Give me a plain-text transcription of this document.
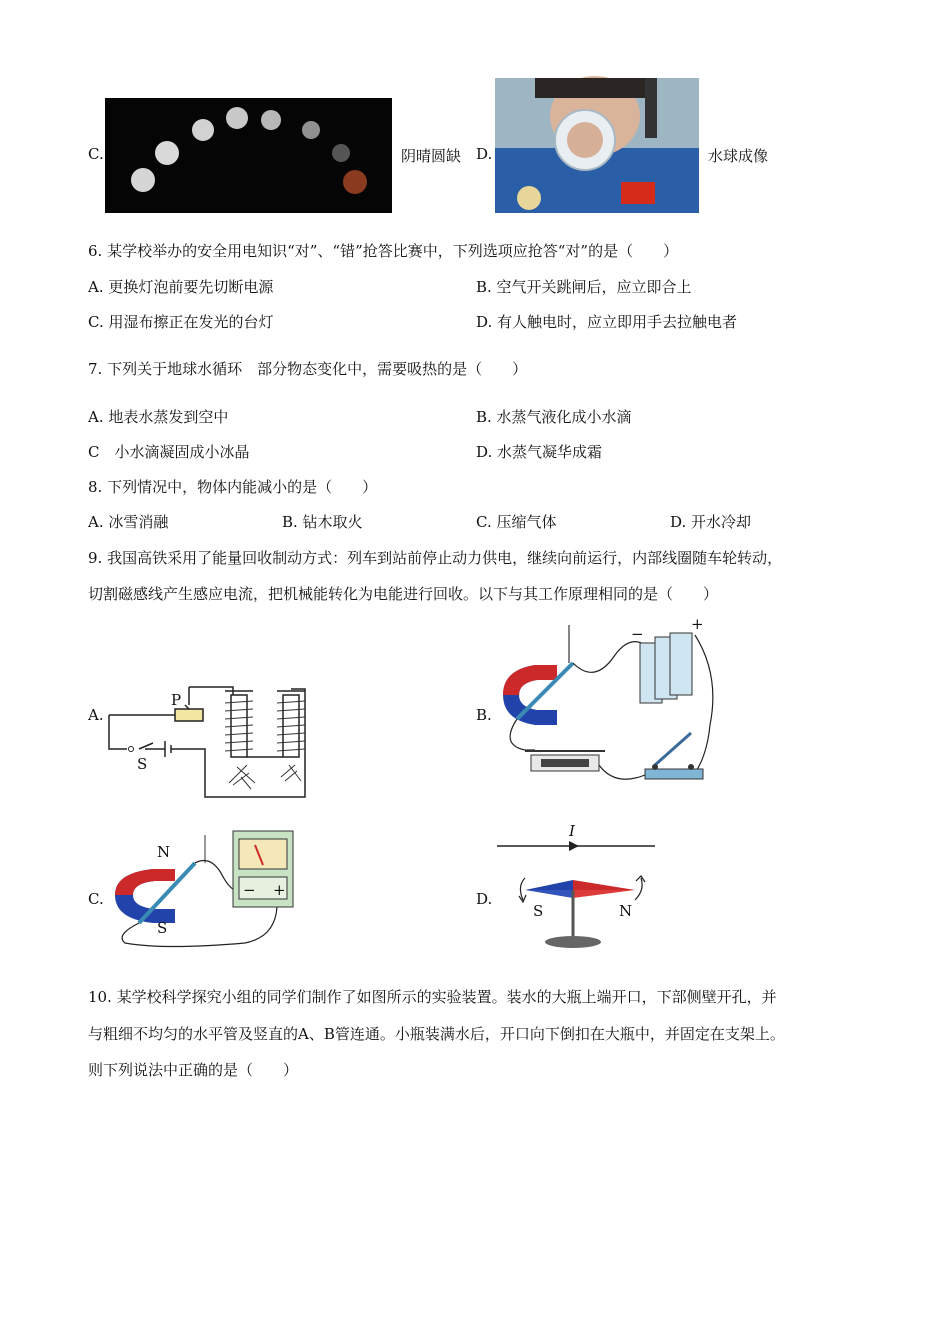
C.	阴晴圆缺 D.	水球成像
6. 某学校举办的安全用电知识“对”、“错”抢答比赛中，下列选项应抢答“对”的是（　　）
A. 更换灯泡前要先切断电源	B. 空气开关跳闸后，应立即合上
C. 用湿布擦正在发光的台灯	D. 有人触电时，应立即用手去拉触电者
7. 下列关于地球水循环　部分物态变化中，需要吸热的是（　　）
A. 地表水蒸发到空中	B. 水蒸气液化成小水滴
C　小水滴凝固成小冰晶	D. 水蒸气凝华成霜
8. 下列情况中，物体内能减小的是（　　）
A. 冰雪消融	B. 钻木取火	C. 压缩气体	D. 开水冷却
9. 我国高铁采用了能量回收制动方式：列车到站前停止动力供电，继续向前运行，内部线圈随车轮转动，
切割磁感线产生感应电流，把机械能转化为电能进行回收。以下与其工作原理相同的是（　　）
A.
P
S
B.
−
+
C.
N
S
− +	D.
I
S	N
10. 某学校科学探究小组的同学们制作了如图所示的实验装置。装水的大瓶上端开口，下部侧壁开孔，并
与粗细不均匀的水平管及竖直的A、B管连通。小瓶装满水后，开口向下倒扣在大瓶中，并固定在支架上。
则下列说法中正确的是（　　）
